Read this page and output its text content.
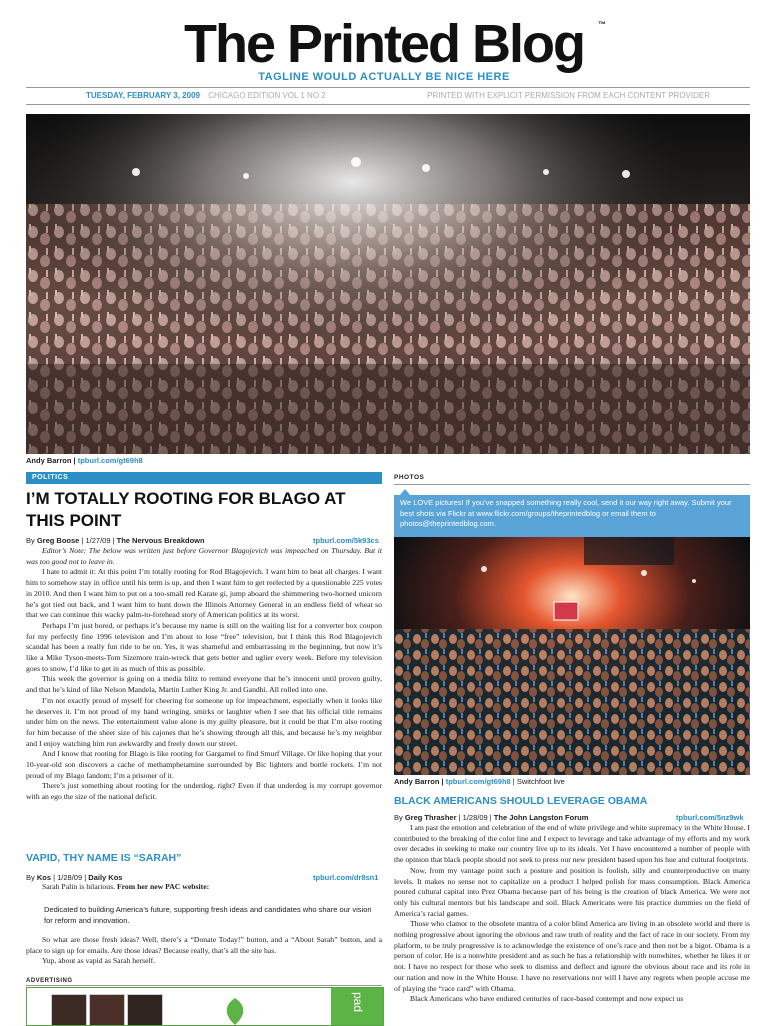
The Printed Blog	™
TAGLINE WOULD ACTUALLY BE NICE HERE
TUESDAY, FEBRUARY 3, 2009 CHICAGO EDITION VOL 1 NO 2	PRINTED WITH EXPLICIT PERMISSION FROM EACH CONTENT PROVIDER
Andy Barron | tpburl.com/gt69h8
POLITICS
I’M TOTALLY ROOTING FOR BLAGO AT THIS POINT
By Greg Boose | 1/27/09 | The Nervous Breakdown	tpburl.com/5k93cs

Editor’s Note: The below was written just before Governor Blagojevich was impeached on Thursday. But it was too good not to leave in.

I hate to admit it: At this point I’m totally rooting for Rod Blagojevich. I want him to beat all charges. I want him to somehow stay in office until his term is up, and then I want him to get reelected by a questionable 225 votes in 2010. And then I want him to put on a too-small red Karate gi, jump aboard the shimmering two-horned unicorn he’s got tied out back, and I want him to hunt down the Illinois Attorney General in an endless field of wheat so that we can continue this wacky palm-to-forehead story of American politics at its worst.

Perhaps I’m just bored, or perhaps it’s because my name is still on the waiting list for a converter box coupon for my perfectly fine 1996 television and I’m about to lose “free” television, but I think this Rod Blagojevich scandal has been a really fun ride to be on. Yes, it was shameful and embarrassing in the beginning, but now it’s like a Mike Tyson-meets-Tom Sizemore train-wreck that gets better and uglier every week. Before my television goes to snow, I’d like to get in as much of this as possible.

This week the governor is going on a media blitz to remind everyone that he’s innocent until proven guilty, and that he’s kind of like Nelson Mandela, Martin Luther King Jr. and Gandhi. All rolled into one.

I’m not exactly proud of myself for cheering for someone up for impeachment, especially when it looks like he deserves it. I’m not proud of my hand wringing, smirks or laughter when I see that his official title remains under him on the news. The entertainment value alone is my guilty pleasure, but it could be that I’m also rooting for him because of the sheer size of his cajones that he’s showing through all this, and because he’s my neighbor and I enjoy watching him run awkwardly and freely down our street.

And I know that rooting for Blago is like rooting for Gargamel to find Smurf Village. Or like hoping that your 10-year-old son discovers a cache of methamphetamine surrounded by Bic lighters and bottle rockets. I’m not proud of my Blago fandom; I’m a prisoner of it.

There’s just something about rooting for the underdog, right? Even if that underdog is my corrupt governor with an ego the size of the national deficit.

VAPID, THY NAME IS “SARAH”
By Kos | 1/28/09 | Daily Kos	tpburl.com/dr8sn1

Sarah Palin is hilarious. From her new PAC website:

Dedicated to building America’s future, supporting fresh ideas and candidates who share our vision for reform and innovation.

So what are those fresh ideas? Well, there’s a “Donate Today!” button, and a “About Sarah” button, and a place to sign up for emails. Are those ideas? Because really, that’s all the site has.

Yup, about as vapid as Sarah herself.

ADVERTISING
pad
PHOTOS
We LOVE pictures! If you’ve snapped something really cool, send it our way right away. Submit your best shots via Flickr at www.flickr.com/groups/theprintedblog or email them to photos@theprintedblog.com.
Andy Barron | tpburl.com/gt69h8 | Switchfoot live
BLACK AMERICANS SHOULD LEVERAGE OBAMA
By Greg Thrasher | 1/28/09 | The John Langston Forum	tpburl.com/5nz9wk

I am past the emotion and celebration of the end of white privilege and white supremacy in the White House. I contributed to the breaking of the color line and I expect to leverage and take advantage of my efforts and my work over decades in seeking to make our country live up to its ideals. Yet I have encountered a number of people with the opinion that black people should not seek to press our new president based upon his hue and cultural footprints.

Now, from my vantage point such a posture and position is foolish, silly and counterproductive on many levels. It makes no sense not to capitalize on a product I helped polish for mass consumption. Black America poured cultural capital into Prez Obama because part of his being is the creation of black America. We were not only his cultural mentors but his landscape and soil. Black Americans were his practice dummies on the field of America’s racial games.

Those who clamor to the obsolete mantra of a color blind America are living in an obsolete world and there is nothing progressive about ignoring the obvious and raw truth of reality and the fact of race in our society. From my platform, to be truly progressive is to acknowledge the existence of one’s race and then not be a bigot. Obama is a person of color. He is a nonwhite president and as such he has a relationship with nonwhites, whether he likes it or not. I have no respect for those who seek to dismiss and deflect and ignore the obvious about race and its role in our nation and now in the White House. I have no reservations nor will I have any regrets when people accuse me of playing the “race card” with Obama.

Black Americans who have endured centuries of race-based contempt and now expect us
